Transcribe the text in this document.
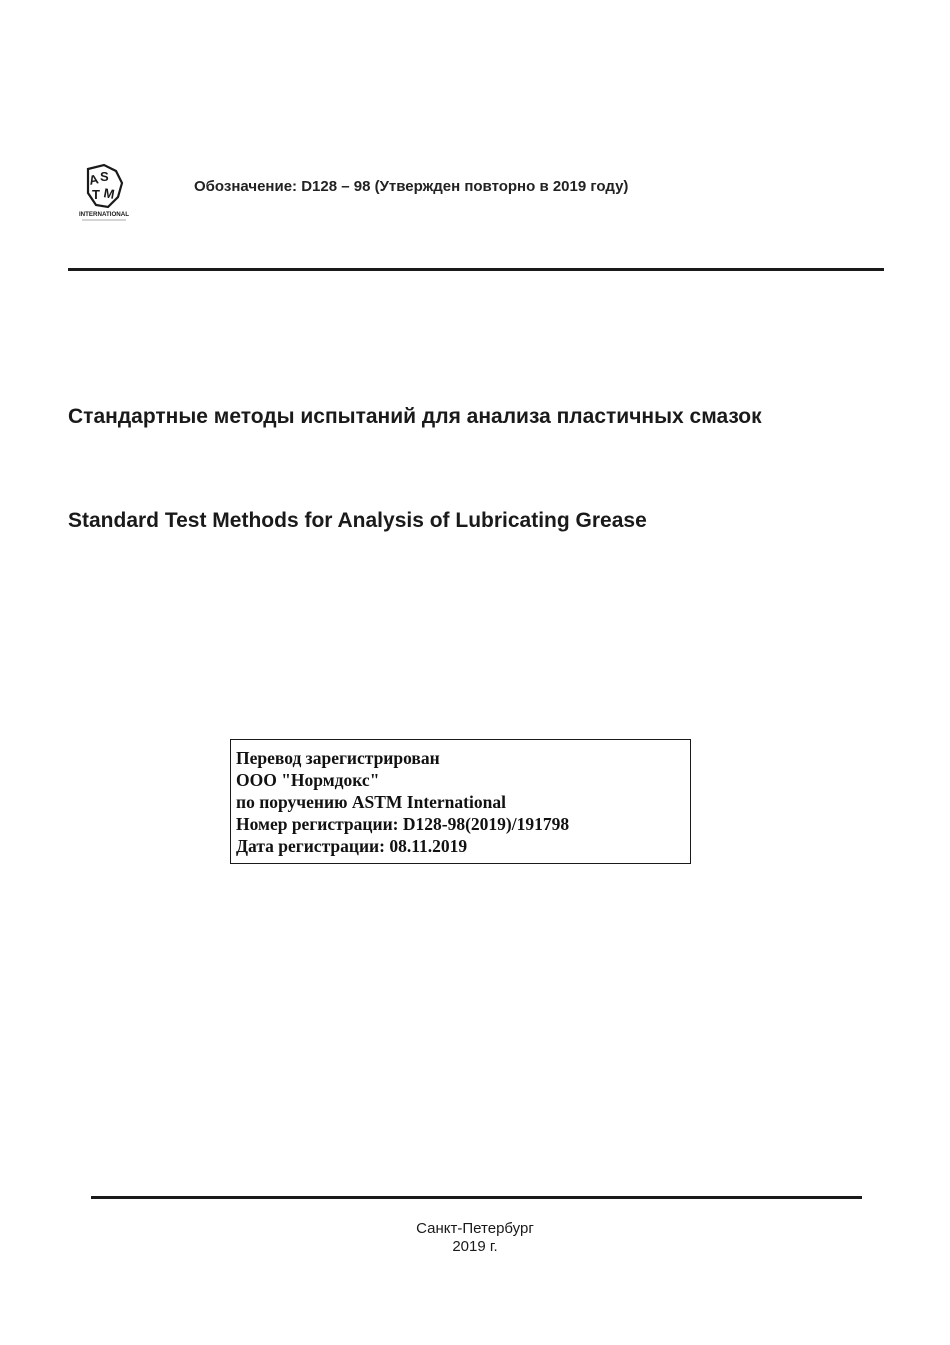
A S
T M
INTERNATIONAL
Обозначение: D128 – 98 (Утвержден повторно в 2019 году)
Стандартные методы испытаний для анализа пластичных смазок
Standard Test Methods for Analysis of Lubricating Grease
Перевод зарегистрирован
ООО "Нормдокс"
по поручению ASTM International
Номер регистрации: D128-98(2019)/191798
Дата регистрации: 08.11.2019
Санкт-Петербург
2019 г.
